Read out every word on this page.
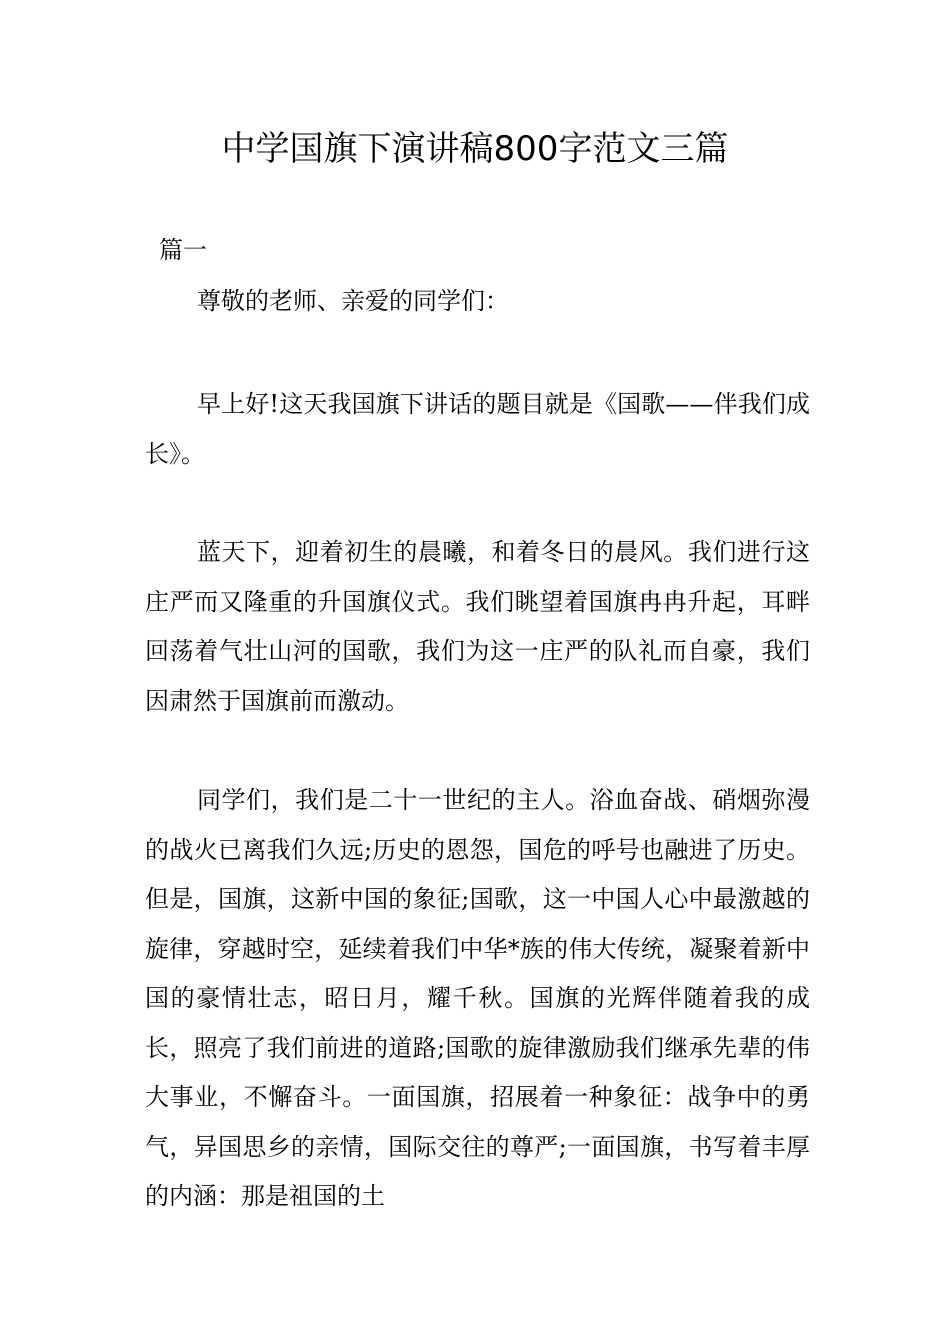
中学国旗下演讲稿800字范文三篇

篇一

尊敬的老师、亲爱的同学们：

早上好!这天我国旗下讲话的题目就是《国歌——伴我们成长》。

蓝天下，迎着初生的晨曦，和着冬日的晨风。我们进行这庄严而又隆重的升国旗仪式。我们眺望着国旗冉冉升起，耳畔回荡着气壮山河的国歌，我们为这一庄严的队礼而自豪，我们因肃然于国旗前而激动。

同学们，我们是二十一世纪的主人。浴血奋战、硝烟弥漫的战火已离我们久远;历史的恩怨，国危的呼号也融进了历史。但是，国旗，这新中国的象征;国歌，这一中国人心中最激越的旋律，穿越时空，延续着我们中华*族的伟大传统，凝聚着新中国的豪情壮志，昭日月，耀千秋。国旗的光辉伴随着我的成长，照亮了我们前进的道路;国歌的旋律激励我们继承先辈的伟大事业，不懈奋斗。一面国旗，招展着一种象征：战争中的勇气，异国思乡的亲情，国际交往的尊严;一面国旗，书写着丰厚的内涵：那是祖国的土
